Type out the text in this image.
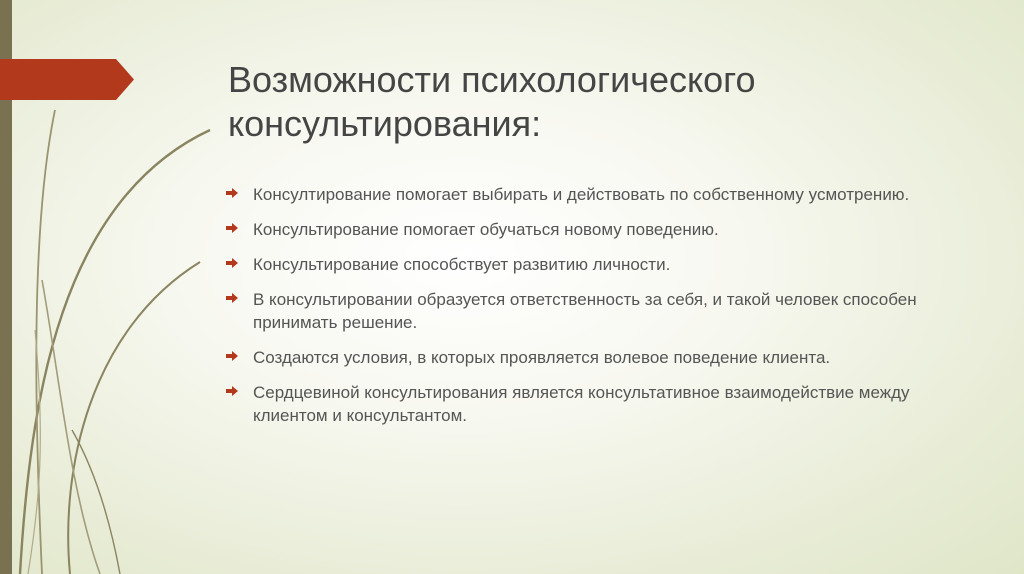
Возможности психологического консультирования:
Консултирование помогает выбирать и действовать по собственному усмотрению.
Консультирование помогает обучаться новому поведению.
Консультирование способствует развитию личности.
В консультировании образуется ответственность за себя, и такой человек способен принимать решение.
Создаются условия, в которых проявляется волевое поведение клиента.
Сердцевиной консультирования является консультативное взаимодействие между клиентом и консультантом.
